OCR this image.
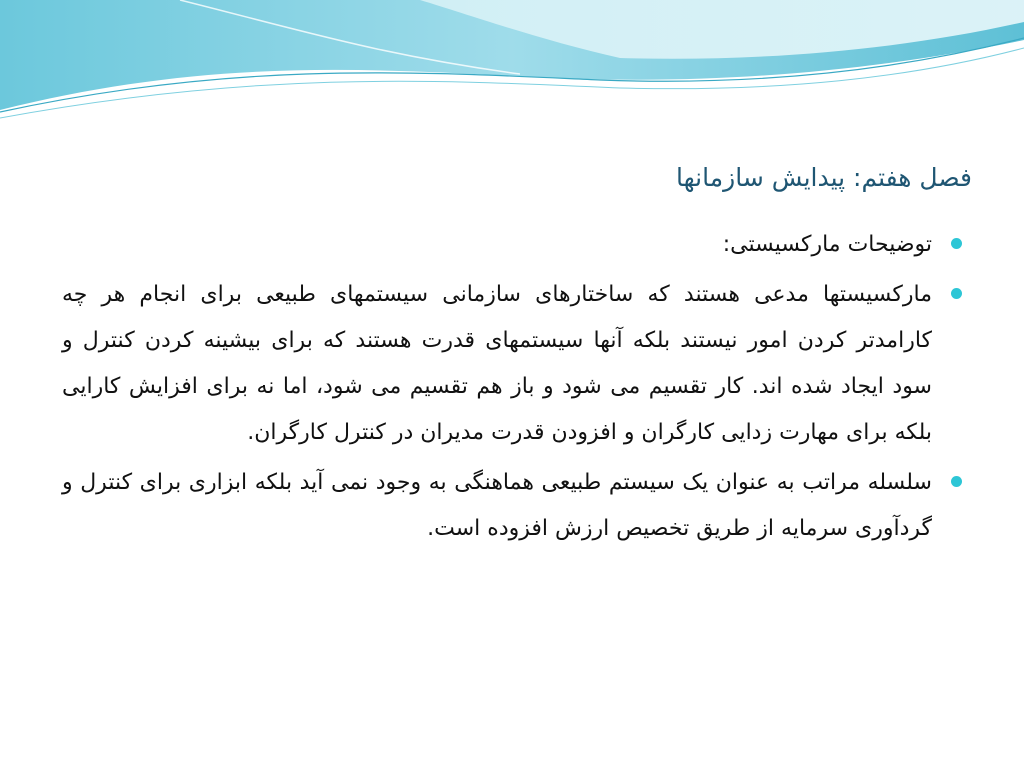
فصل هفتم: پیدایش سازمانها
توضیحات مارکسیستی:
مارکسیستها مدعی هستند که ساختارهای سازمانی سیستمهای طبیعی برای انجام هر چه کارامدتر کردن امور نیستند بلکه آنها سیستمهای قدرت هستند که برای بیشینه کردن کنترل و سود ایجاد شده اند. کار تقسیم می شود و باز هم تقسیم می شود، اما نه برای افزایش کارایی بلکه برای مهارت زدایی کارگران و افزودن قدرت مدیران در کنترل کارگران.
سلسله مراتب به عنوان یک سیستم طبیعی هماهنگی به وجود نمی آید بلکه ابزاری برای کنترل و گردآوری سرمایه از طریق تخصیص ارزش افزوده است.
